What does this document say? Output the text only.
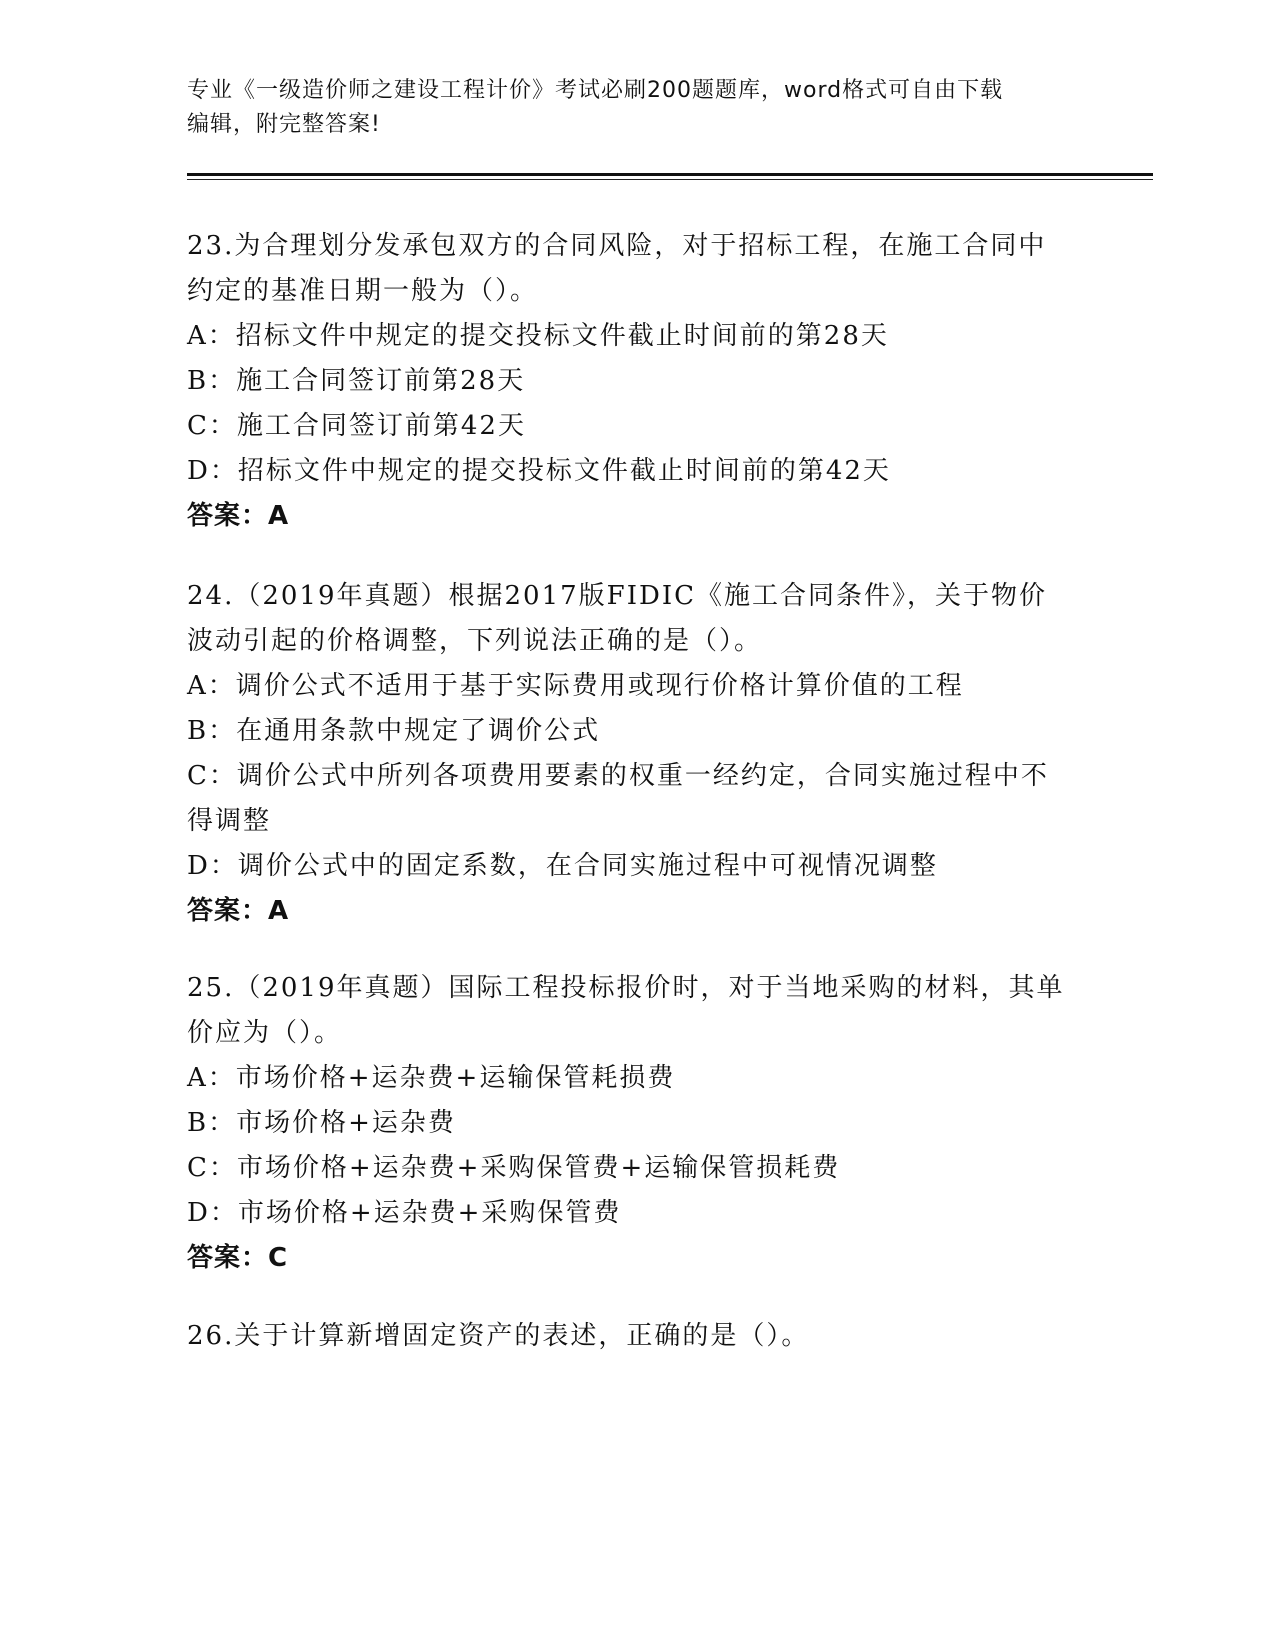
专业《一级造价师之建设工程计价》考试必刷200题题库，word格式可自由下载
编辑，附完整答案!
23.为合理划分发承包双方的合同风险，对于招标工程，在施工合同中
约定的基准日期一般为（）。
A：招标文件中规定的提交投标文件截止时间前的第28天
B：施工合同签订前第28天
C：施工合同签订前第42天
D：招标文件中规定的提交投标文件截止时间前的第42天
答案：A
24.（2019年真题）根据2017版FIDIC《施工合同条件》，关于物价
波动引起的价格调整，下列说法正确的是（）。
A：调价公式不适用于基于实际费用或现行价格计算价值的工程
B：在通用条款中规定了调价公式
C：调价公式中所列各项费用要素的权重一经约定，合同实施过程中不
得调整
D：调价公式中的固定系数，在合同实施过程中可视情况调整
答案：A
25.（2019年真题）国际工程投标报价时，对于当地采购的材料，其单
价应为（）。
A：市场价格+运杂费+运输保管耗损费
B：市场价格+运杂费
C：市场价格+运杂费+采购保管费+运输保管损耗费
D：市场价格+运杂费+采购保管费
答案：C
26.关于计算新增固定资产的表述，正确的是（）。
